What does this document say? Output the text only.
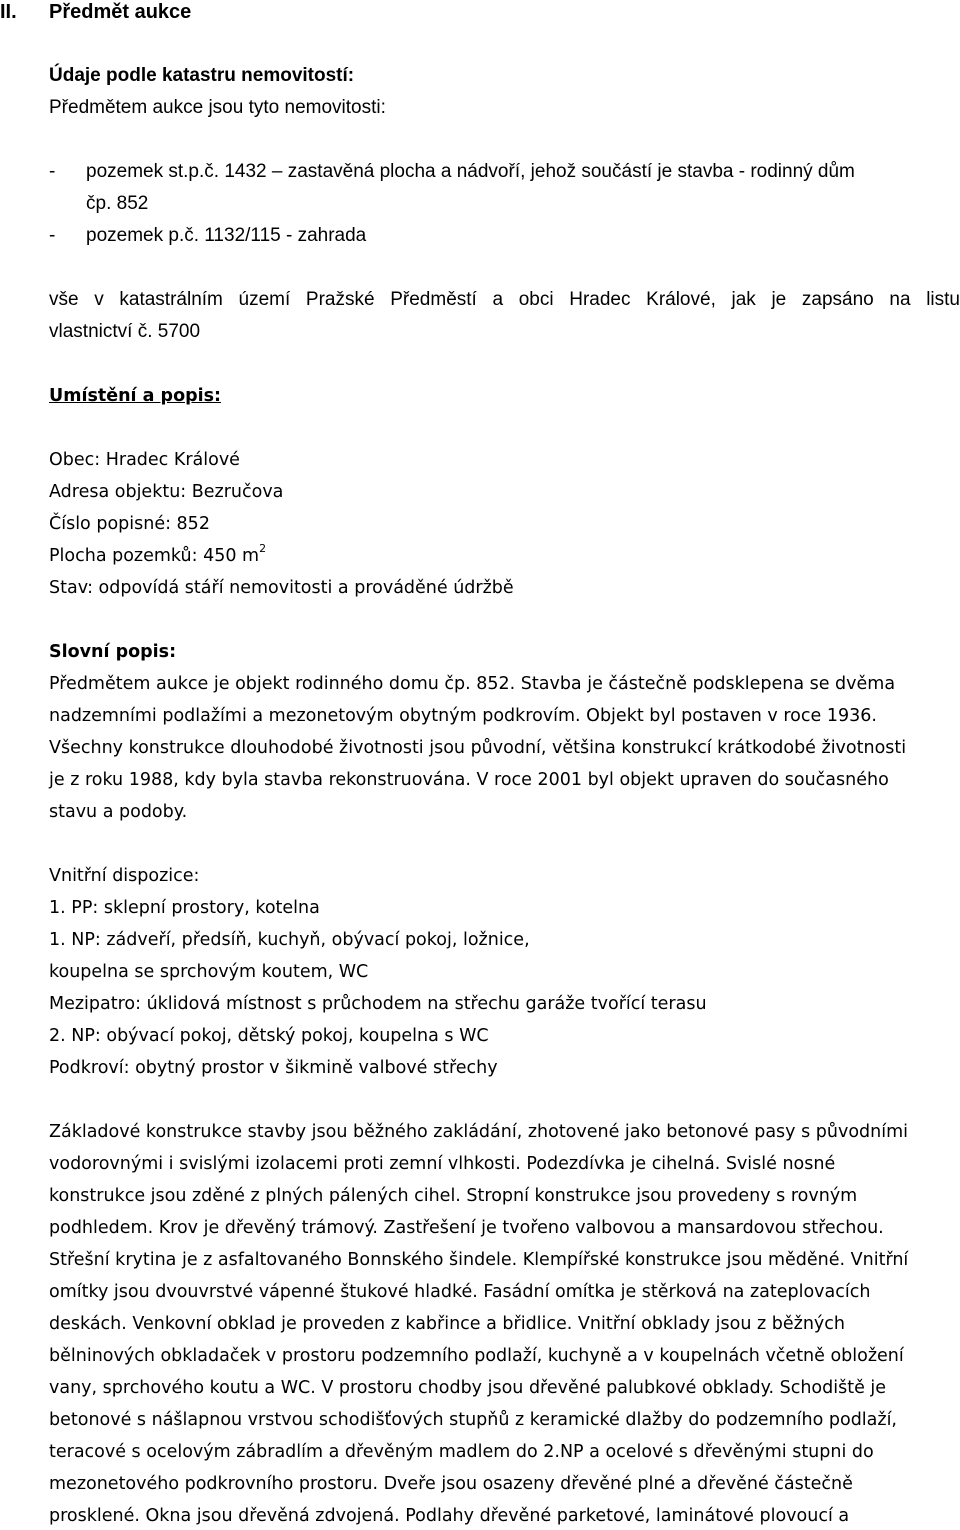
II. Předmět aukce
Údaje podle katastru nemovitostí:
Předmětem aukce jsou tyto nemovitosti:
- pozemek st.p.č. 1432 – zastavěná plocha a nádvoří, jehož součástí je stavba - rodinný dům
čp. 852
- pozemek p.č. 1132/115 - zahrada
vše v katastrálním území Pražské Předměstí a obci Hradec Králové, jak je zapsáno na listu
vlastnictví č. 5700
Umístění a popis:
Obec: Hradec Králové
Adresa objektu: Bezručova
Číslo popisné: 852
Plocha pozemků: 450 $m^2$
Stav: odpovídá stáří nemovitosti a prováděné údržbě
Slovní popis:
Předmětem aukce je objekt rodinného domu čp. 852. Stavba je částečně podsklepena se dvěma
nadzemními podlažími a mezonetovým obytným podkrovím. Objekt byl postaven v roce 1936.
Všechny konstrukce dlouhodobé životnosti jsou původní, většina konstrukcí krátkodobé životnosti
je z roku 1988, kdy byla stavba rekonstruována. V roce 2001 byl objekt upraven do současného
stavu a podoby.
Vnitřní dispozice:
1. PP: sklepní prostory, kotelna
1. NP: zádveří, předsíň, kuchyň, obývací pokoj, ložnice,
koupelna se sprchovým koutem, WC
Mezipatro: úklidová místnost s průchodem na střechu garáže tvořící terasu
2. NP: obývací pokoj, dětský pokoj, koupelna s WC
Podkroví: obytný prostor v šikmině valbové střechy
Základové konstrukce stavby jsou běžného zakládání, zhotovené jako betonové pasy s původními
vodorovnými i svislými izolacemi proti zemní vlhkosti. Podezdívka je cihelná. Svislé nosné
konstrukce jsou zděné z plných pálených cihel. Stropní konstrukce jsou provedeny s rovným
podhledem. Krov je dřevěný trámový. Zastřešení je tvořeno valbovou a mansardovou střechou.
Střešní krytina je z asfaltovaného Bonnského šindele. Klempířské konstrukce jsou měděné. Vnitřní
omítky jsou dvouvrstvé vápenné štukové hladké. Fasádní omítka je stěrková na zateplovacích
deskách. Venkovní obklad je proveden z kabřince a břidlice. Vnitřní obklady jsou z běžných
bělninových obkladaček v prostoru podzemního podlaží, kuchyně a v koupelnách včetně obložení
vany, sprchového koutu a WC. V prostoru chodby jsou dřevěné palubkové obklady. Schodiště je
betonové s nášlapnou vrstvou schodišťových stupňů z keramické dlažby do podzemního podlaží,
teracové s ocelovým zábradlím a dřevěným madlem do 2.NP a ocelové s dřevěnými stupni do
mezonetového podkrovního prostoru. Dveře jsou osazeny dřevěné plné a dřevěné částečně
prosklené. Okna jsou dřevěná zdvojená. Podlahy dřevěné parketové, laminátové plovoucí a
